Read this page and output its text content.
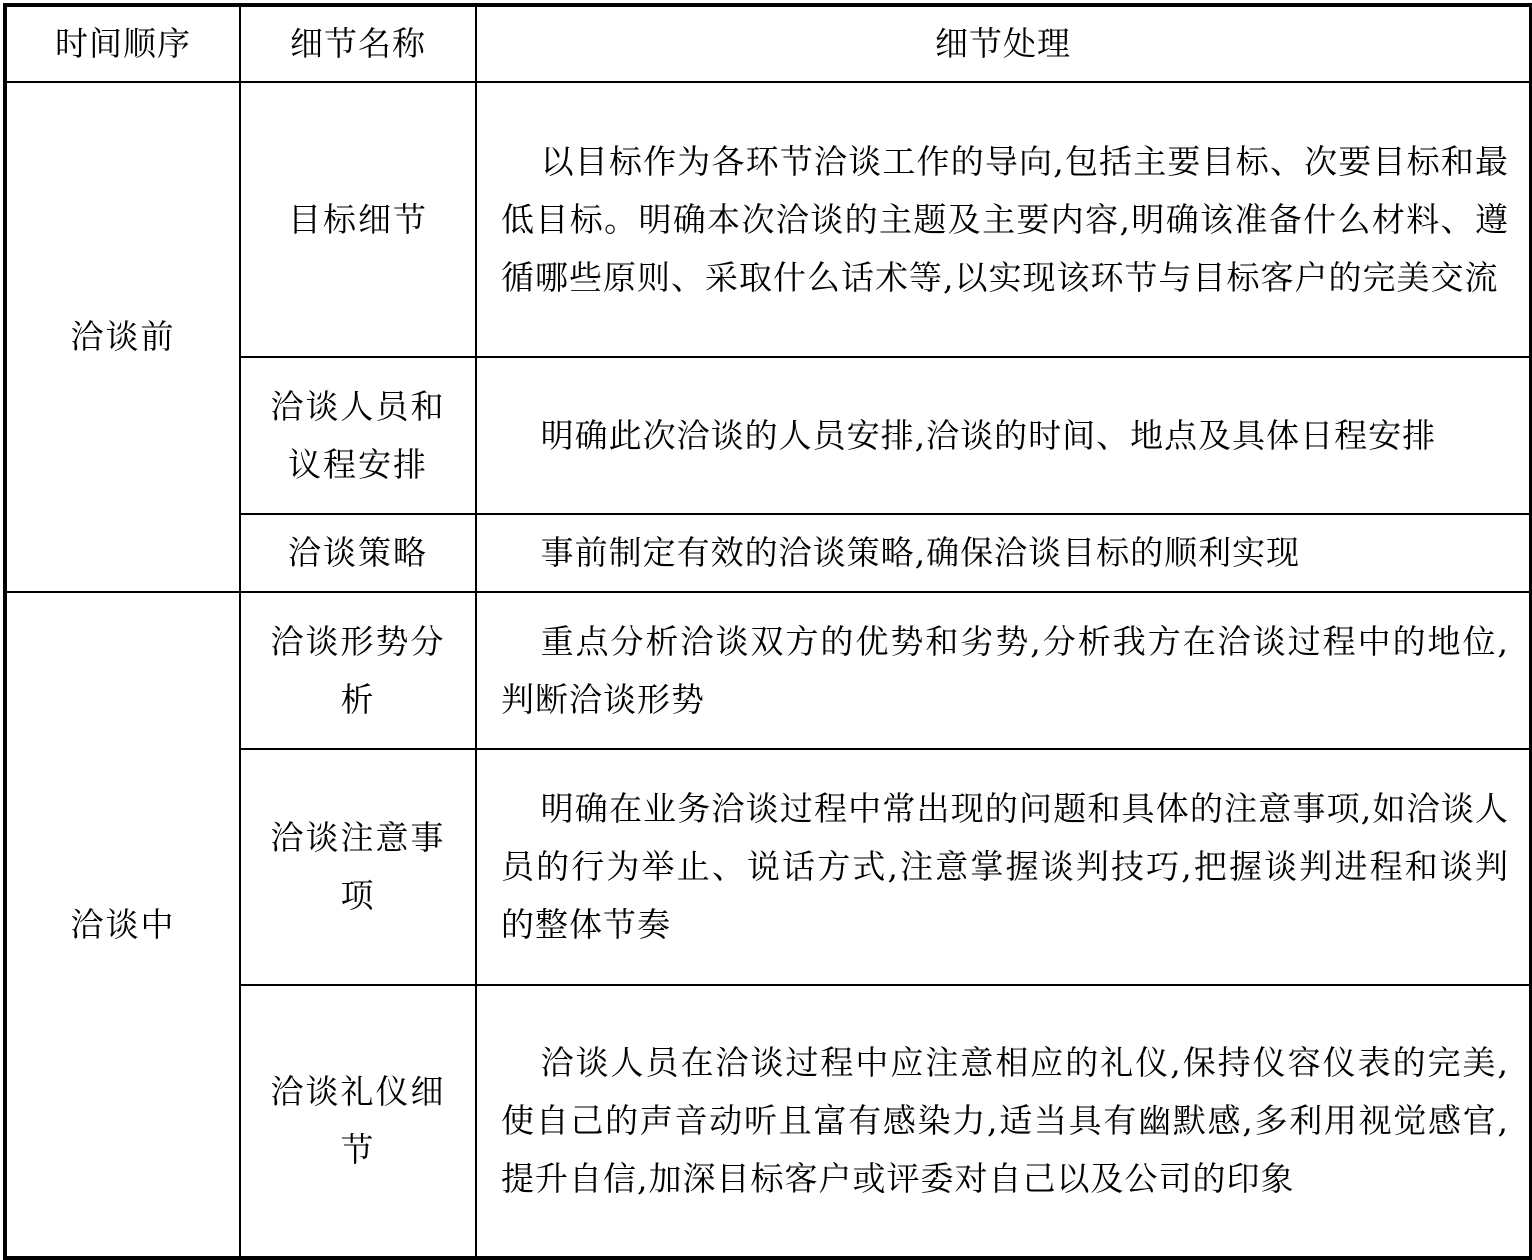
时间顺序	细节名称	细节处理
洽谈前	目标细节	以目标作为各环节洽谈工作的导向,包括主要目标、次要目标和最低目标。明确本次洽谈的主题及主要内容,明确该准备什么材料、遵循哪些原则、采取什么话术等,以实现该环节与目标客户的完美交流

	洽谈人员和议程安排	明确此次洽谈的人员安排,洽谈的时间、地点及具体日程安排

	洽谈策略	事前制定有效的洽谈策略,确保洽谈目标的顺利实现

洽谈中	洽谈形势分析	重点分析洽谈双方的优势和劣势,分析我方在洽谈过程中的地位,判断洽谈形势

	洽谈注意事项	明确在业务洽谈过程中常出现的问题和具体的注意事项,如洽谈人员的行为举止、说话方式,注意掌握谈判技巧,把握谈判进程和谈判的整体节奏

	洽谈礼仪细节	洽谈人员在洽谈过程中应注意相应的礼仪,保持仪容仪表的完美,使自己的声音动听且富有感染力,适当具有幽默感,多利用视觉感官,提升自信,加深目标客户或评委对自己以及公司的印象
